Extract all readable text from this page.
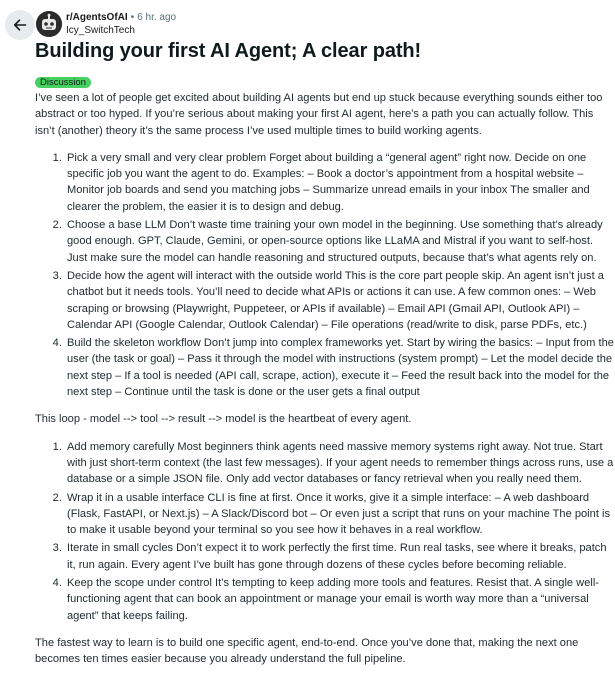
r/AgentsOfAI • 6 hr. ago
Icy_SwitchTech
Building your first AI Agent; A clear path!
Discussion

I’ve seen a lot of people get excited about building AI agents but end up stuck because everything sounds either too abstract or too hyped. If you’re serious about making your first AI agent, here’s a path you can actually follow. This isn’t (another) theory it’s the same process I’ve used multiple times to build working agents.

1. Pick a very small and very clear problem Forget about building a “general agent” right now. Decide on one specific job you want the agent to do. Examples: – Book a doctor’s appointment from a hospital website – Monitor job boards and send you matching jobs – Summarize unread emails in your inbox The smaller and clearer the problem, the easier it is to design and debug.
2. Choose a base LLM Don’t waste time training your own model in the beginning. Use something that’s already good enough. GPT, Claude, Gemini, or open-source options like LLaMA and Mistral if you want to self-host. Just make sure the model can handle reasoning and structured outputs, because that’s what agents rely on.
3. Decide how the agent will interact with the outside world This is the core part people skip. An agent isn’t just a chatbot but it needs tools. You’ll need to decide what APIs or actions it can use. A few common ones: – Web scraping or browsing (Playwright, Puppeteer, or APIs if available) – Email API (Gmail API, Outlook API) – Calendar API (Google Calendar, Outlook Calendar) – File operations (read/write to disk, parse PDFs, etc.)
4. Build the skeleton workflow Don’t jump into complex frameworks yet. Start by wiring the basics: – Input from the user (the task or goal) – Pass it through the model with instructions (system prompt) – Let the model decide the next step – If a tool is needed (API call, scrape, action), execute it – Feed the result back into the model for the next step – Continue until the task is done or the user gets a final output

This loop - model --> tool --> result --> model is the heartbeat of every agent.

1. Add memory carefully Most beginners think agents need massive memory systems right away. Not true. Start with just short-term context (the last few messages). If your agent needs to remember things across runs, use a database or a simple JSON file. Only add vector databases or fancy retrieval when you really need them.
2. Wrap it in a usable interface CLI is fine at first. Once it works, give it a simple interface: – A web dashboard (Flask, FastAPI, or Next.js) – A Slack/Discord bot – Or even just a script that runs on your machine The point is to make it usable beyond your terminal so you see how it behaves in a real workflow.
3. Iterate in small cycles Don’t expect it to work perfectly the first time. Run real tasks, see where it breaks, patch it, run again. Every agent I’ve built has gone through dozens of these cycles before becoming reliable.
4. Keep the scope under control It’s tempting to keep adding more tools and features. Resist that. A single well-functioning agent that can book an appointment or manage your email is worth way more than a “universal agent” that keeps failing.

The fastest way to learn is to build one specific agent, end-to-end. Once you’ve done that, making the next one becomes ten times easier because you already understand the full pipeline.
